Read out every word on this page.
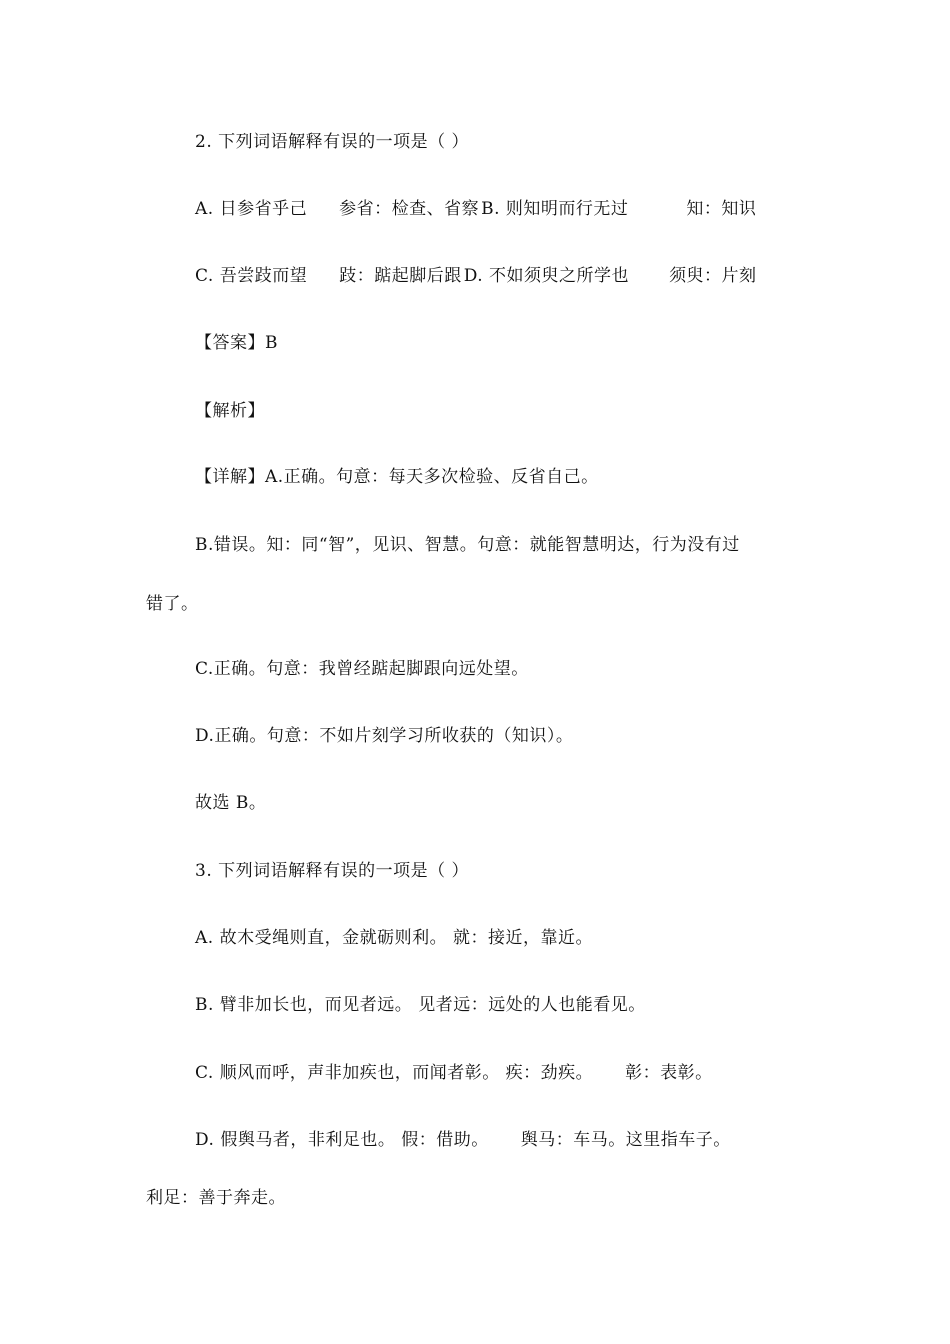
2. 下列词语解释有误的一项是（ ）
A. 日参省乎己 参省：检查、省察 B. 则知明而行无过	知：知识
C. 吾尝跂而望 跂：踮起脚后跟 D. 不如须臾之所学也 须臾：片刻
【答案】B
【解析】
【详解】A.正确。句意：每天多次检验、反省自己。
B.错误。知：同“智”，见识、智慧。句意：就能智慧明达，行为没有过
错了。
C.正确。句意：我曾经踮起脚跟向远处望。
D.正确。句意：不如片刻学习所收获的（知识）。
故选 B。
3. 下列词语解释有误的一项是（ ）
A. 故木受绳则直，金就砺则利。 就：接近，靠近。
B. 臂非加长也，而见者远。 见者远：远处的人也能看见。
C. 顺风而呼，声非加疾也，而闻者彰。 疾：劲疾。 彰：表彰。
D. 假舆马者，非利足也。 假：借助。 舆马：车马。这里指车子。
利足：善于奔走。
